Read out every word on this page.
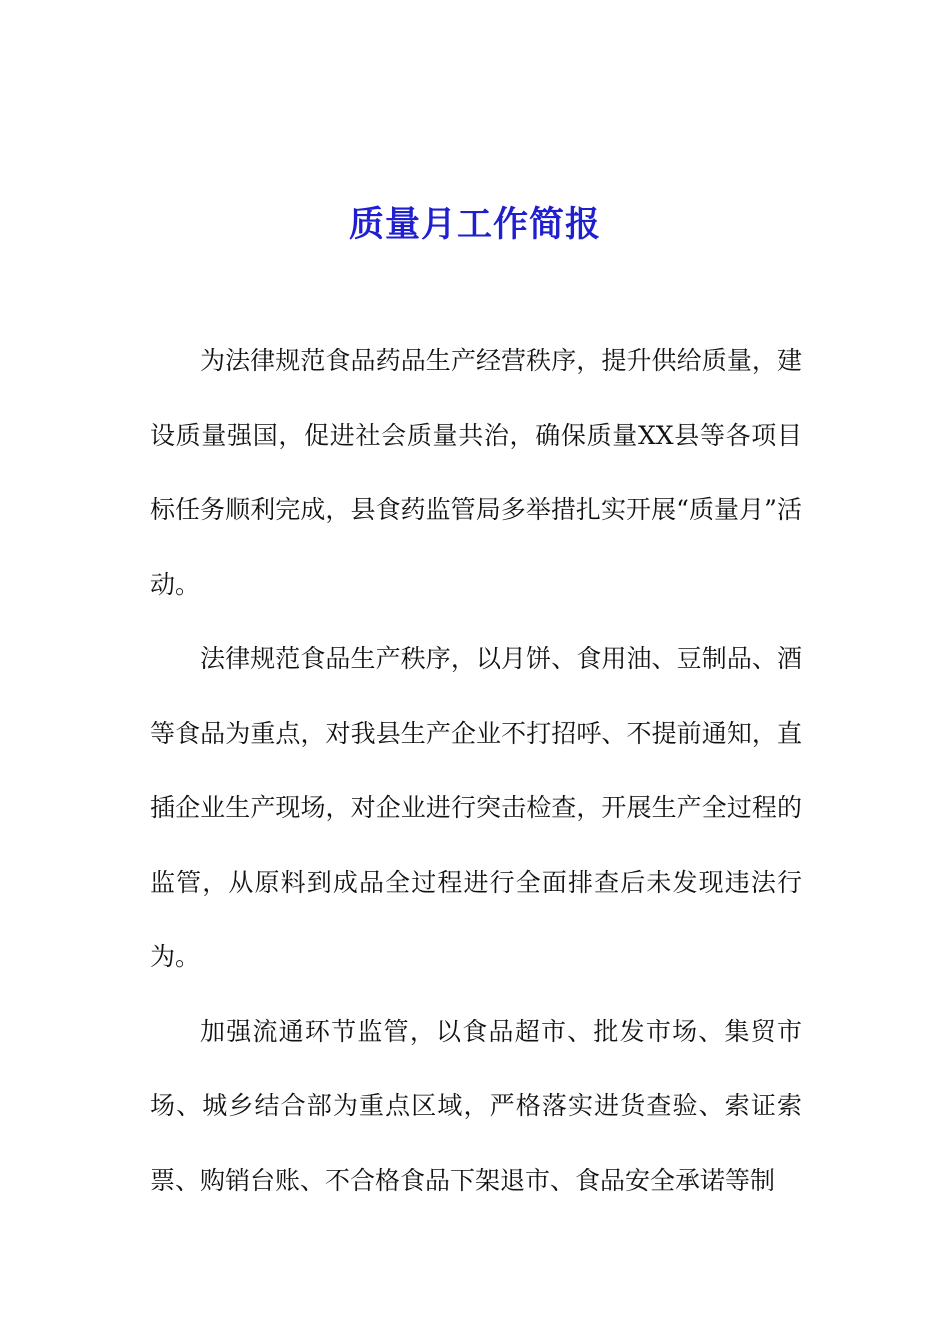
质量月工作简报

为法律规范食品药品生产经营秩序，提升供给质量，建设质量强国，促进社会质量共治，确保质量XX县等各项目标任务顺利完成，县食药监管局多举措扎实开展“质量月”活动。

法律规范食品生产秩序，以月饼、食用油、豆制品、酒等食品为重点，对我县生产企业不打招呼、不提前通知，直插企业生产现场，对企业进行突击检查，开展生产全过程的监管，从原料到成品全过程进行全面排查后未发现违法行为。

加强流通环节监管，以食品超市、批发市场、集贸市场、城乡结合部为重点区域，严格落实进货查验、索证索票、购销台账、不合格食品下架退市、食品安全承诺等制
